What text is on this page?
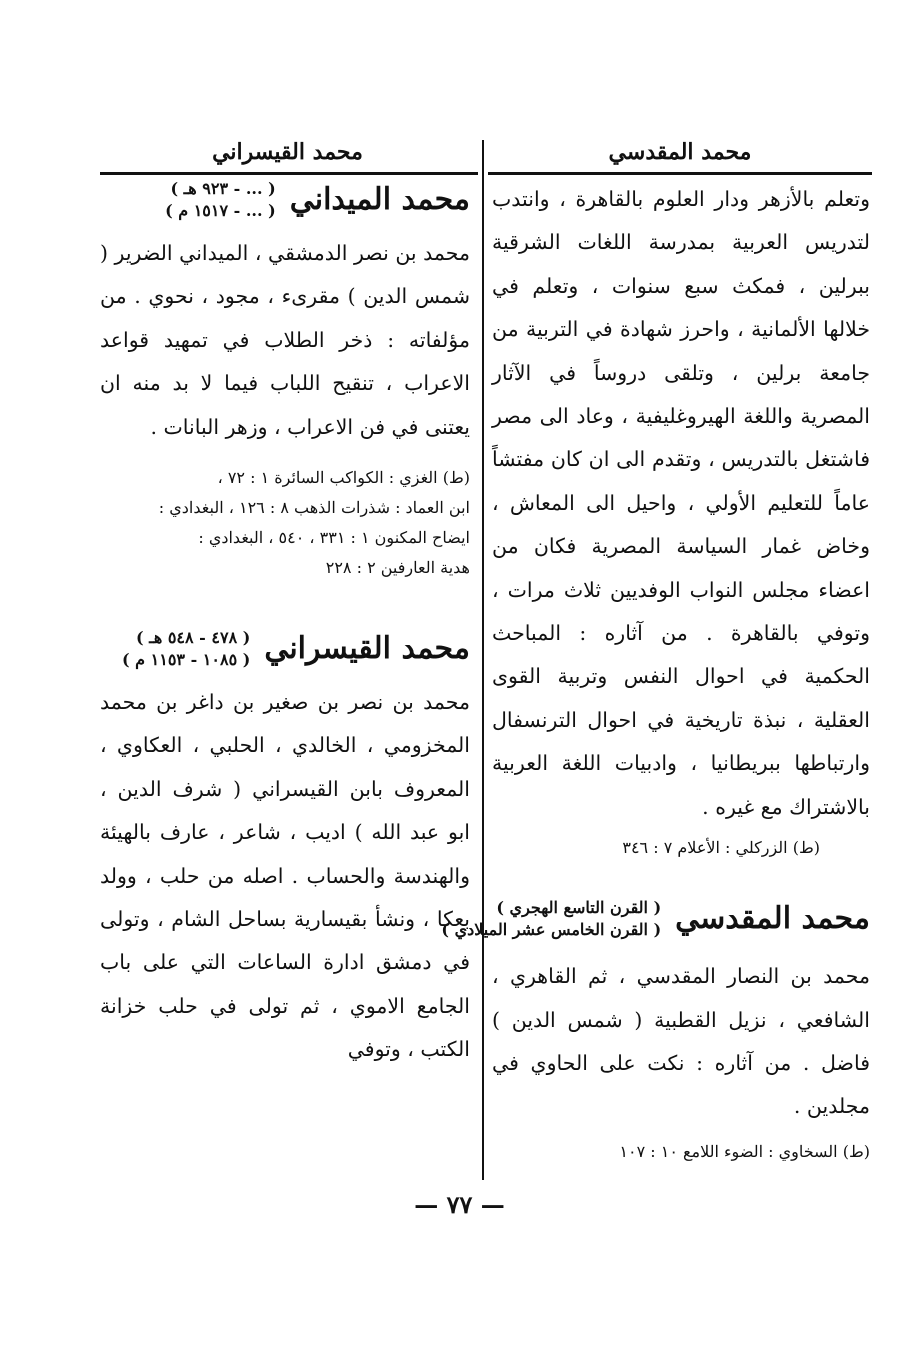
محمد المقدسي
محمد القيسراني

وتعلم بالأزهر ودار العلوم بالقاهرة ، وانتدب لتدريس العربية بمدرسة اللغات الشرقية ببرلين ، فمكث سبع سنوات ، وتعلم في خلالها الألمانية ، واحرز شهادة في التربية من جامعة برلين ، وتلقى دروساً في الآثار المصرية واللغة الهيروغليفية ، وعاد الى مصر فاشتغل بالتدريس ، وتقدم الى ان كان مفتشاً عاماً للتعليم الأولي ، واحيل الى المعاش ، وخاض غمار السياسة المصرية فكان من اعضاء مجلس النواب الوفديين ثلاث مرات ، وتوفي بالقاهرة . من آثاره : المباحث الحكمية في احوال النفس وتربية القوى العقلية ، نبذة تاريخية في احوال الترنسفال وارتباطها ببريطانيا ، وادبيات اللغة العربية بالاشتراك مع غيره .

(ط) الزركلي : الأعلام ٧ : ٣٤٦

محمد المقدسي
( القرن التاسع الهجري )
( القرن الخامس عشر الميلادي )

محمد بن النصار المقدسي ، ثم القاهري ، الشافعي ، نزيل القطبية ( شمس الدين ) فاضل . من آثاره : نكت على الحاوي في مجلدين .

(ط) السخاوي : الضوء اللامع ١٠ : ١٠٧

محمد الميداني
( ... - ٩٢٣ هـ )
( ... - ١٥١٧ م )

محمد بن نصر الدمشقي ، الميداني الضرير ( شمس الدين ) مقرىء ، مجود ، نحوي . من مؤلفاته : ذخر الطلاب في تمهيد قواعد الاعراب ، تنقيح اللباب فيما لا بد منه ان يعتنى في فن الاعراب ، وزهر البانات .

(ط) الغزي : الكواكب السائرة ١ : ٧٢ ،

ابن العماد : شذرات الذهب ٨ : ١٢٦ ، البغدادي :

ايضاح المكنون ١ : ٣٣١ ، ٥٤٠ ، البغدادي :

هدية العارفين ٢ : ٢٢٨

محمد القيسراني
( ٤٧٨ - ٥٤٨ هـ )
( ١٠٨٥ - ١١٥٣ م )

محمد بن نصر بن صغير بن داغر بن محمد المخزومي ، الخالدي ، الحلبي ، العكاوي ، المعروف بابن القيسراني ( شرف الدين ، ابو عبد الله ) اديب ، شاعر ، عارف بالهيئة والهندسة والحساب . اصله من حلب ، وولد بعكا ، ونشأ بقيسارية بساحل الشام ، وتولى في دمشق ادارة الساعات التي على باب الجامع الاموي ، ثم تولى في حلب خزانة الكتب ، وتوفي

— ٧٧ —
